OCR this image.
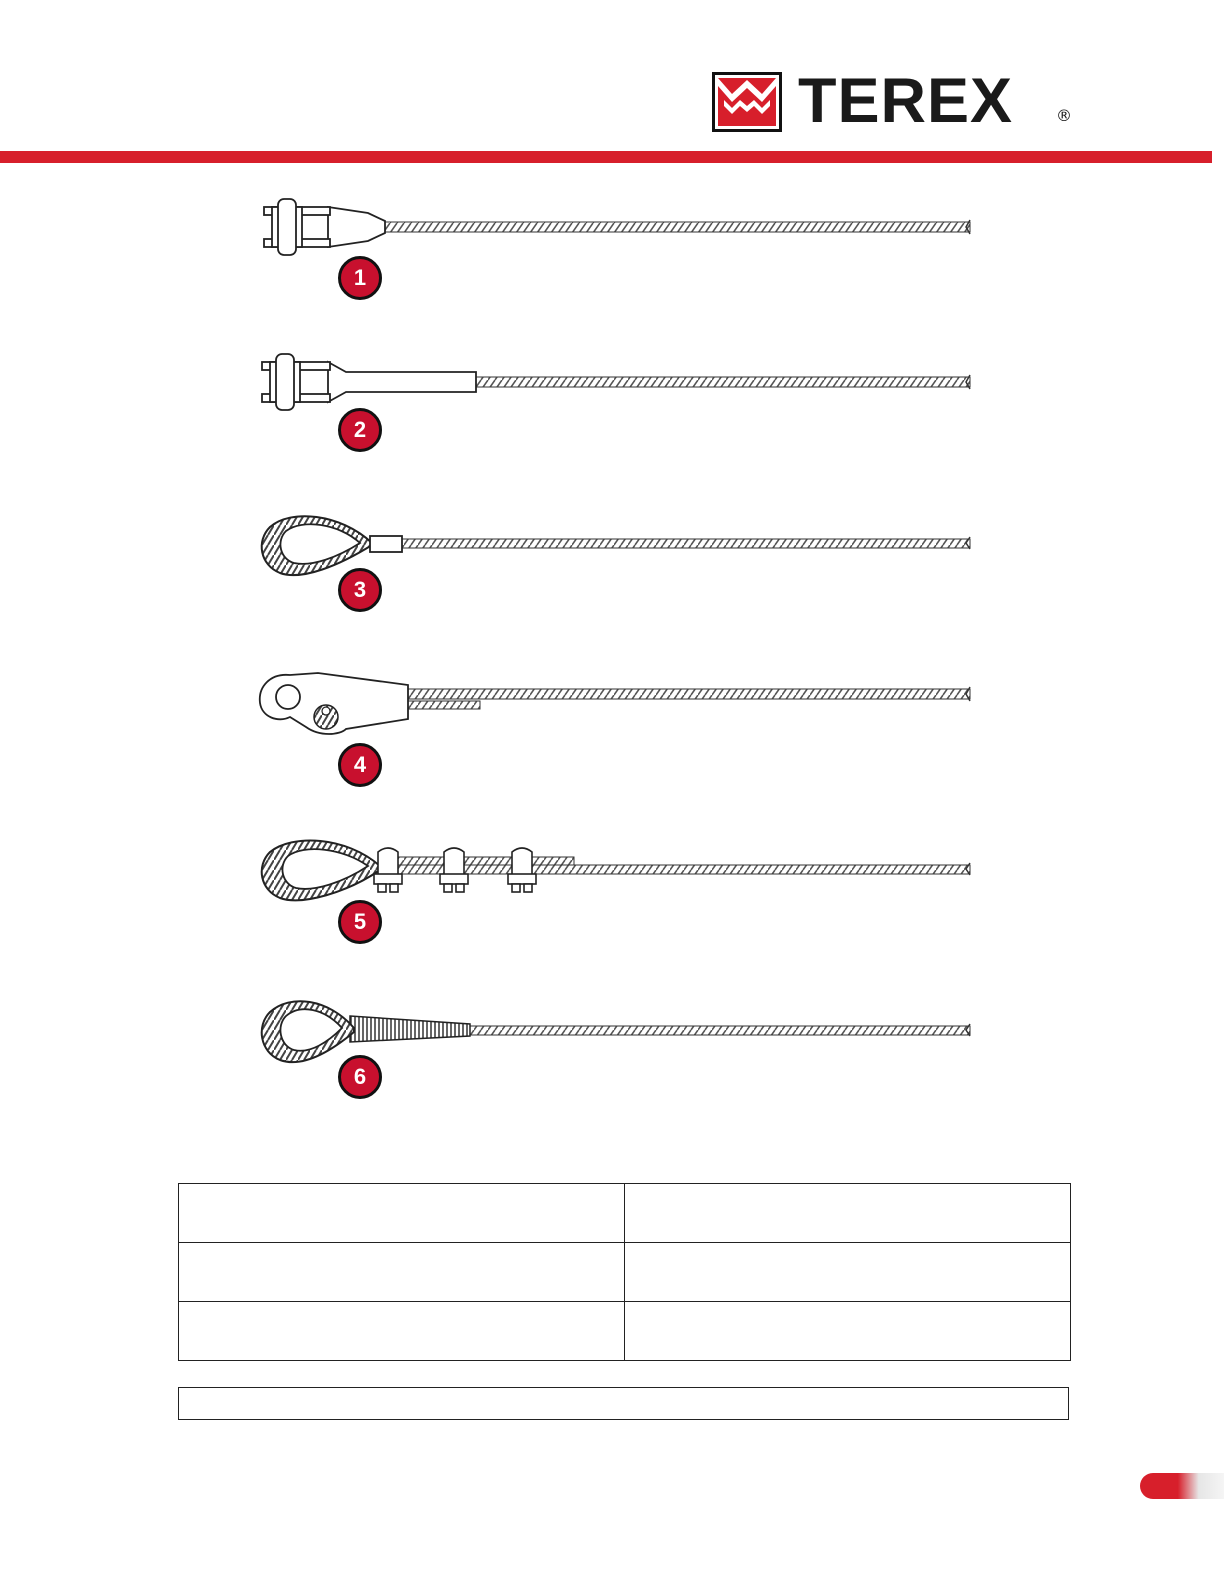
TEREX	®
1
2
3
4
5
6
